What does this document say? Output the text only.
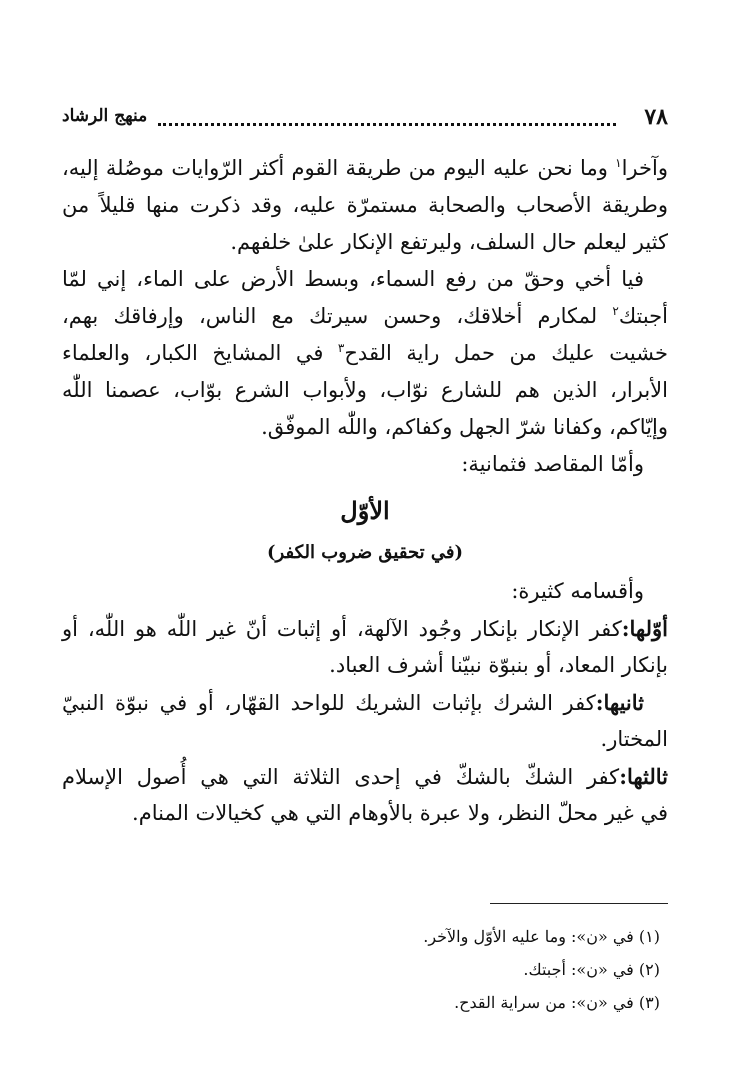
٧٨
منهج الرشاد
وآخرا$^١$ وما نحن عليه اليوم من طريقة القوم أكثر الرّوايات موصُلة إليه،
وطريقة الأصحاب والصحابة مستمرّة عليه، وقد ذكرت منها قليلاً من
كثير ليعلم حال السلف، وليرتفع الإنكار علىٰ خلفهم.
فيا أخي وحقّ من رفع السماء، وبسط الأرض على الماء، إني لمّا
أجبتك$^٢$ لمكارم أخلاقك، وحسن سيرتك مع الناس، وإرفاقك بهم،
خشيت عليك من حمل راية القدح$^٣$ في المشايخ الكبار، والعلماء
الأبرار، الذين هم للشارع نوّاب، ولأبواب الشرع بوّاب، عصمنا اللّٰه
وإيّاكم، وكفانا شرّ الجهل وكفاكم، واللّٰه الموفّق.
وأمّا المقاصد فثمانية:
الأوّل
(في تحقيق ضروب الكفر)
وأقسامه كثيرة:
أوّلها:كفر الإنكار بإنكار وجُود الآلهة، أو إثبات أنّ غير اللّٰه هو اللّٰه، أو
بإنكار المعاد، أو بنبوّة نبيّنا أشرف العباد.
ثانيها:كفر الشرك بإثبات الشريك للواحد القهّار، أو في نبوّة النبيّ
المختار.
ثالثها:كفر الشكّ بالشكّ في إحدى الثلاثة التي هي أُصول الإسلام
في غير محلّ النظر، ولا عبرة بالأوهام التي هي كخيالات المنام.
(١) في «ن»: وما عليه الأوّل والآخر.
(٢) في «ن»: أجبتك.
(٣) في «ن»: من سراية القدح.
